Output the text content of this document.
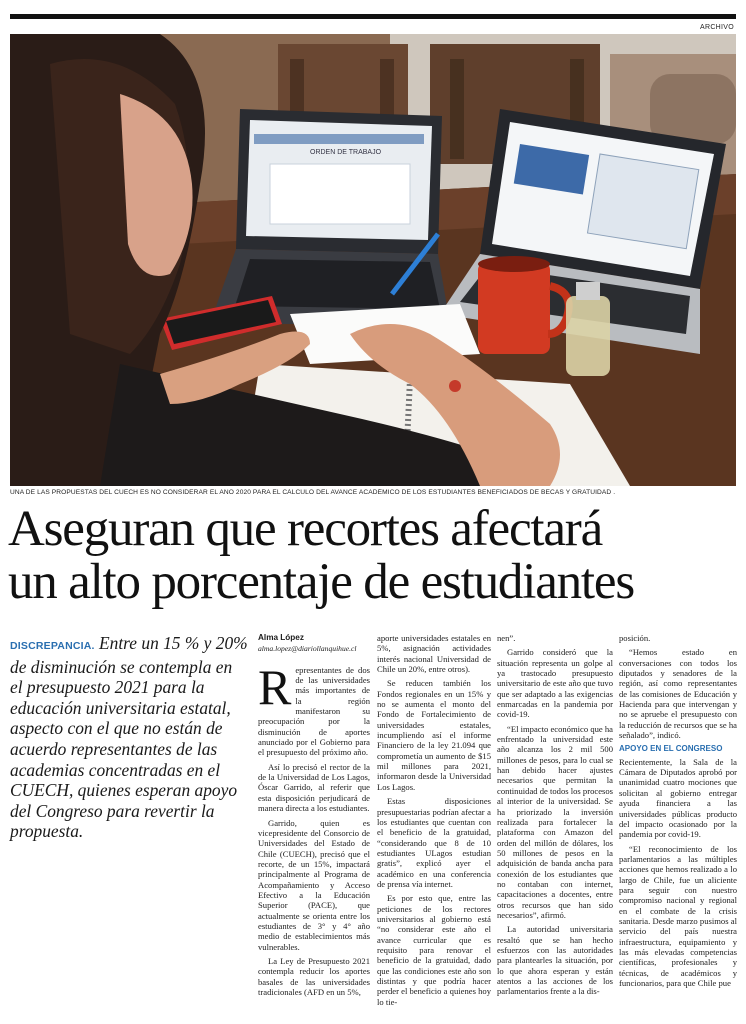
ARCHIVO
ORDEN DE TRABAJO
UNA DE LAS PROPUESTAS DEL CUECH ES NO CONSIDERAR EL AÑO 2020 PARA EL CÁLCULO DEL AVANCE ACADÉMICO DE LOS ESTUDIANTES BENEFICIADOS DE BECAS Y GRATUIDAD .
Aseguran que recortes afectará
un alto porcentaje de estudiantes
DISCREPANCIA. Entre un 15 % y 20% de disminución se contempla en el presupuesto 2021 para la educación universitaria estatal, aspecto con el que no están de acuerdo representantes de las academias concentradas en el CUECH, quienes esperan apoyo del Congreso para revertir la propuesta.
Alma López
alma.lopez@diariollanquihue.cl

Representantes de dos de las universidades más importantes de la región manifestaron su preocupación por la disminución de aportes anunciado por el Gobierno para el presupuesto del próximo año.

Así lo precisó el rector de la de la Universidad de Los Lagos, Óscar Garrido, al referir que esta disposición perjudicará de manera directa a los estudiantes.

Garrido, quien es vicepresidente del Consorcio de Universidades del Estado de Chile (CUECH), precisó que el recorte, de un 15%, impactará principalmente al Programa de Acompañamiento y Acceso Efectivo a la Educación Superior (PACE), que actualmente se orienta entre los estudiantes de 3° y 4° año medio de establecimientos más vulnerables.

La Ley de Presupuesto 2021 contempla reducir los aportes basales de las universidades tradicionales (AFD en un 5%,

aporte universidades estatales en 5%, asignación actividades interés nacional Universidad de Chile un 20%, entre otros).

Se reducen también los Fondos regionales en un 15% y no se aumenta el monto del Fondo de Fortalecimiento de universidades estatales, incumpliendo así el informe Financiero de la ley 21.094 que comprometía un aumento de $15 mil millones para 2021, informaron desde la Universidad Los Lagos.

Estas disposiciones presupuestarias podrían afectar a los estudiantes que cuentan con el beneficio de la gratuidad, “considerando que 8 de 10 estudiantes ULagos estudian gratis”, explicó ayer el académico en una conferencia de prensa vía internet.

Es por esto que, entre las peticiones de los rectores universitarios al gobierno está “no considerar este año el avance curricular que es requisito para renovar el beneficio de la gratuidad, dado que las condiciones este año son distintas y que podría hacer perder el beneficio a quienes hoy lo tie-

nen”.

Garrido consideró que la situación representa un golpe al ya trastocado presupuesto universitario de este año que tuvo que ser adaptado a las exigencias enmarcadas en la pandemia por covid-19.

“El impacto económico que ha enfrentado la universidad este año alcanza los 2 mil 500 millones de pesos, para lo cual se han debido hacer ajustes necesarios que permitan la continuidad de todos los procesos al interior de la universidad. Se ha priorizado la inversión realizada para fortalecer la plataforma con Amazon del orden del millón de dólares, los 50 millones de pesos en la adquisición de banda ancha para conexión de los estudiantes que no contaban con internet, capacitaciones a docentes, entre otros recursos que han sido necesarios”, afirmó.

La autoridad universitaria resaltó que se han hecho esfuerzos con las autoridades para plantearles la situación, por lo que ahora esperan y están atentos a las acciones de los parlamentarios frente a la dis-

posición.

“Hemos estado en conversaciones con todos los diputados y senadores de la región, así como representantes de las comisiones de Educación y Hacienda para que intervengan y no se apruebe el presupuesto con la reducción de recursos que se ha señalado”, indicó.

APOYO EN EL CONGRESO

Recientemente, la Sala de la Cámara de Diputados aprobó por unanimidad cuatro mociones que solicitan al gobierno entregar ayuda financiera a las universidades públicas producto del impacto ocasionado por la pandemia por covid-19.

“El reconocimiento de los parlamentarios a las múltiples acciones que hemos realizado a lo largo de Chile, fue un aliciente para seguir con nuestro compromiso nacional y regional en el combate de la crisis sanitaria. Desde marzo pusimos al servicio del país nuestra infraestructura, equipamiento y las más elevadas competencias científicas, profesionales y técnicas, de académicos y funcionarios, para que Chile pue
